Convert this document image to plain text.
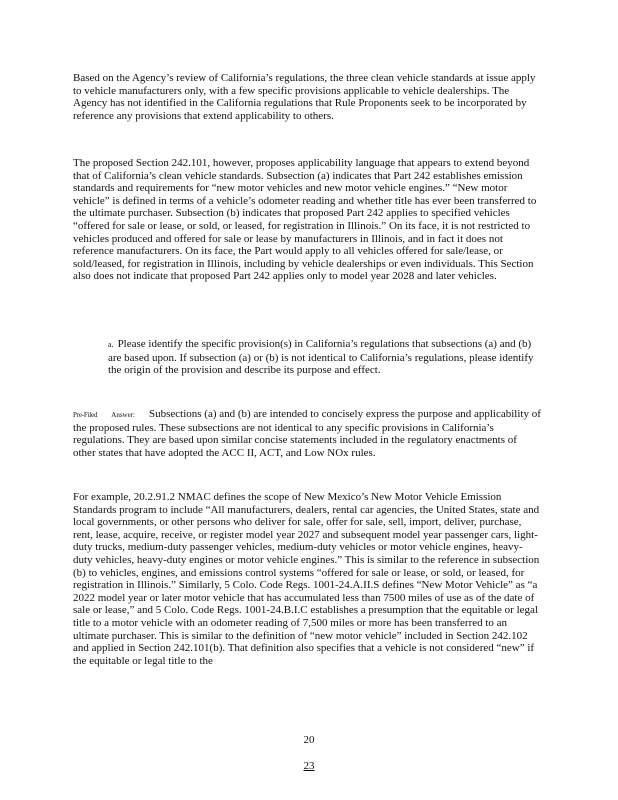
Based on the Agency’s review of California’s regulations, the three clean vehicle standards at issue apply to vehicle manufacturers only, with a few specific provisions applicable to vehicle dealerships. The Agency has not identified in the California regulations that Rule Proponents seek to be incorporated by reference any provisions that extend applicability to others.

The proposed Section 242.101, however, proposes applicability language that appears to extend beyond that of California’s clean vehicle standards. Subsection (a) indicates that Part 242 establishes emission standards and requirements for “new motor vehicles and new motor vehicle engines.” “New motor vehicle” is defined in terms of a vehicle’s odometer reading and whether title has ever been transferred to the ultimate purchaser. Subsection (b) indicates that proposed Part 242 applies to specified vehicles “offered for sale or lease, or sold, or leased, for registration in Illinois.” On its face, it is not restricted to vehicles produced and offered for sale or lease by manufacturers in Illinois, and in fact it does not reference manufacturers. On its face, the Part would apply to all vehicles offered for sale/lease, or sold/leased, for registration in Illinois, including by vehicle dealerships or even individuals. This Section also does not indicate that proposed Part 242 applies only to model year 2028 and later vehicles.

a. Please identify the specific provision(s) in California’s regulations that subsections (a) and (b) are based upon. If subsection (a) or (b) is not identical to California’s regulations, please identify the origin of the provision and describe its purpose and effect.

Pre-Filed Answer: Subsections (a) and (b) are intended to concisely express the purpose and applicability of the proposed rules. These subsections are not identical to any specific provisions in California’s regulations. They are based upon similar concise statements included in the regulatory enactments of other states that have adopted the ACC II, ACT, and Low NOx rules.

For example, 20.2.91.2 NMAC defines the scope of New Mexico’s New Motor Vehicle Emission Standards program to include “All manufacturers, dealers, rental car agencies, the United States, state and local governments, or other persons who deliver for sale, offer for sale, sell, import, deliver, purchase, rent, lease, acquire, receive, or register model year 2027 and subsequent model year passenger cars, light-duty trucks, medium-duty passenger vehicles, medium-duty vehicles or motor vehicle engines, heavy-duty vehicles, heavy-duty engines or motor vehicle engines.” This is similar to the reference in subsection (b) to vehicles, engines, and emissions control systems “offered for sale or lease, or sold, or leased, for registration in Illinois.” Similarly, 5 Colo. Code Regs. 1001-24.A.II.S defines “New Motor Vehicle” as “a 2022 model year or later motor vehicle that has accumulated less than 7500 miles of use as of the date of sale or lease,” and 5 Colo. Code Regs. 1001-24.B.I.C establishes a presumption that the equitable or legal title to a motor vehicle with an odometer reading of 7,500 miles or more has been transferred to an ultimate purchaser. This is similar to the definition of “new motor vehicle” included in Section 242.102 and applied in Section 242.101(b). That definition also specifies that a vehicle is not considered “new” if the equitable or legal title to the

20
23
